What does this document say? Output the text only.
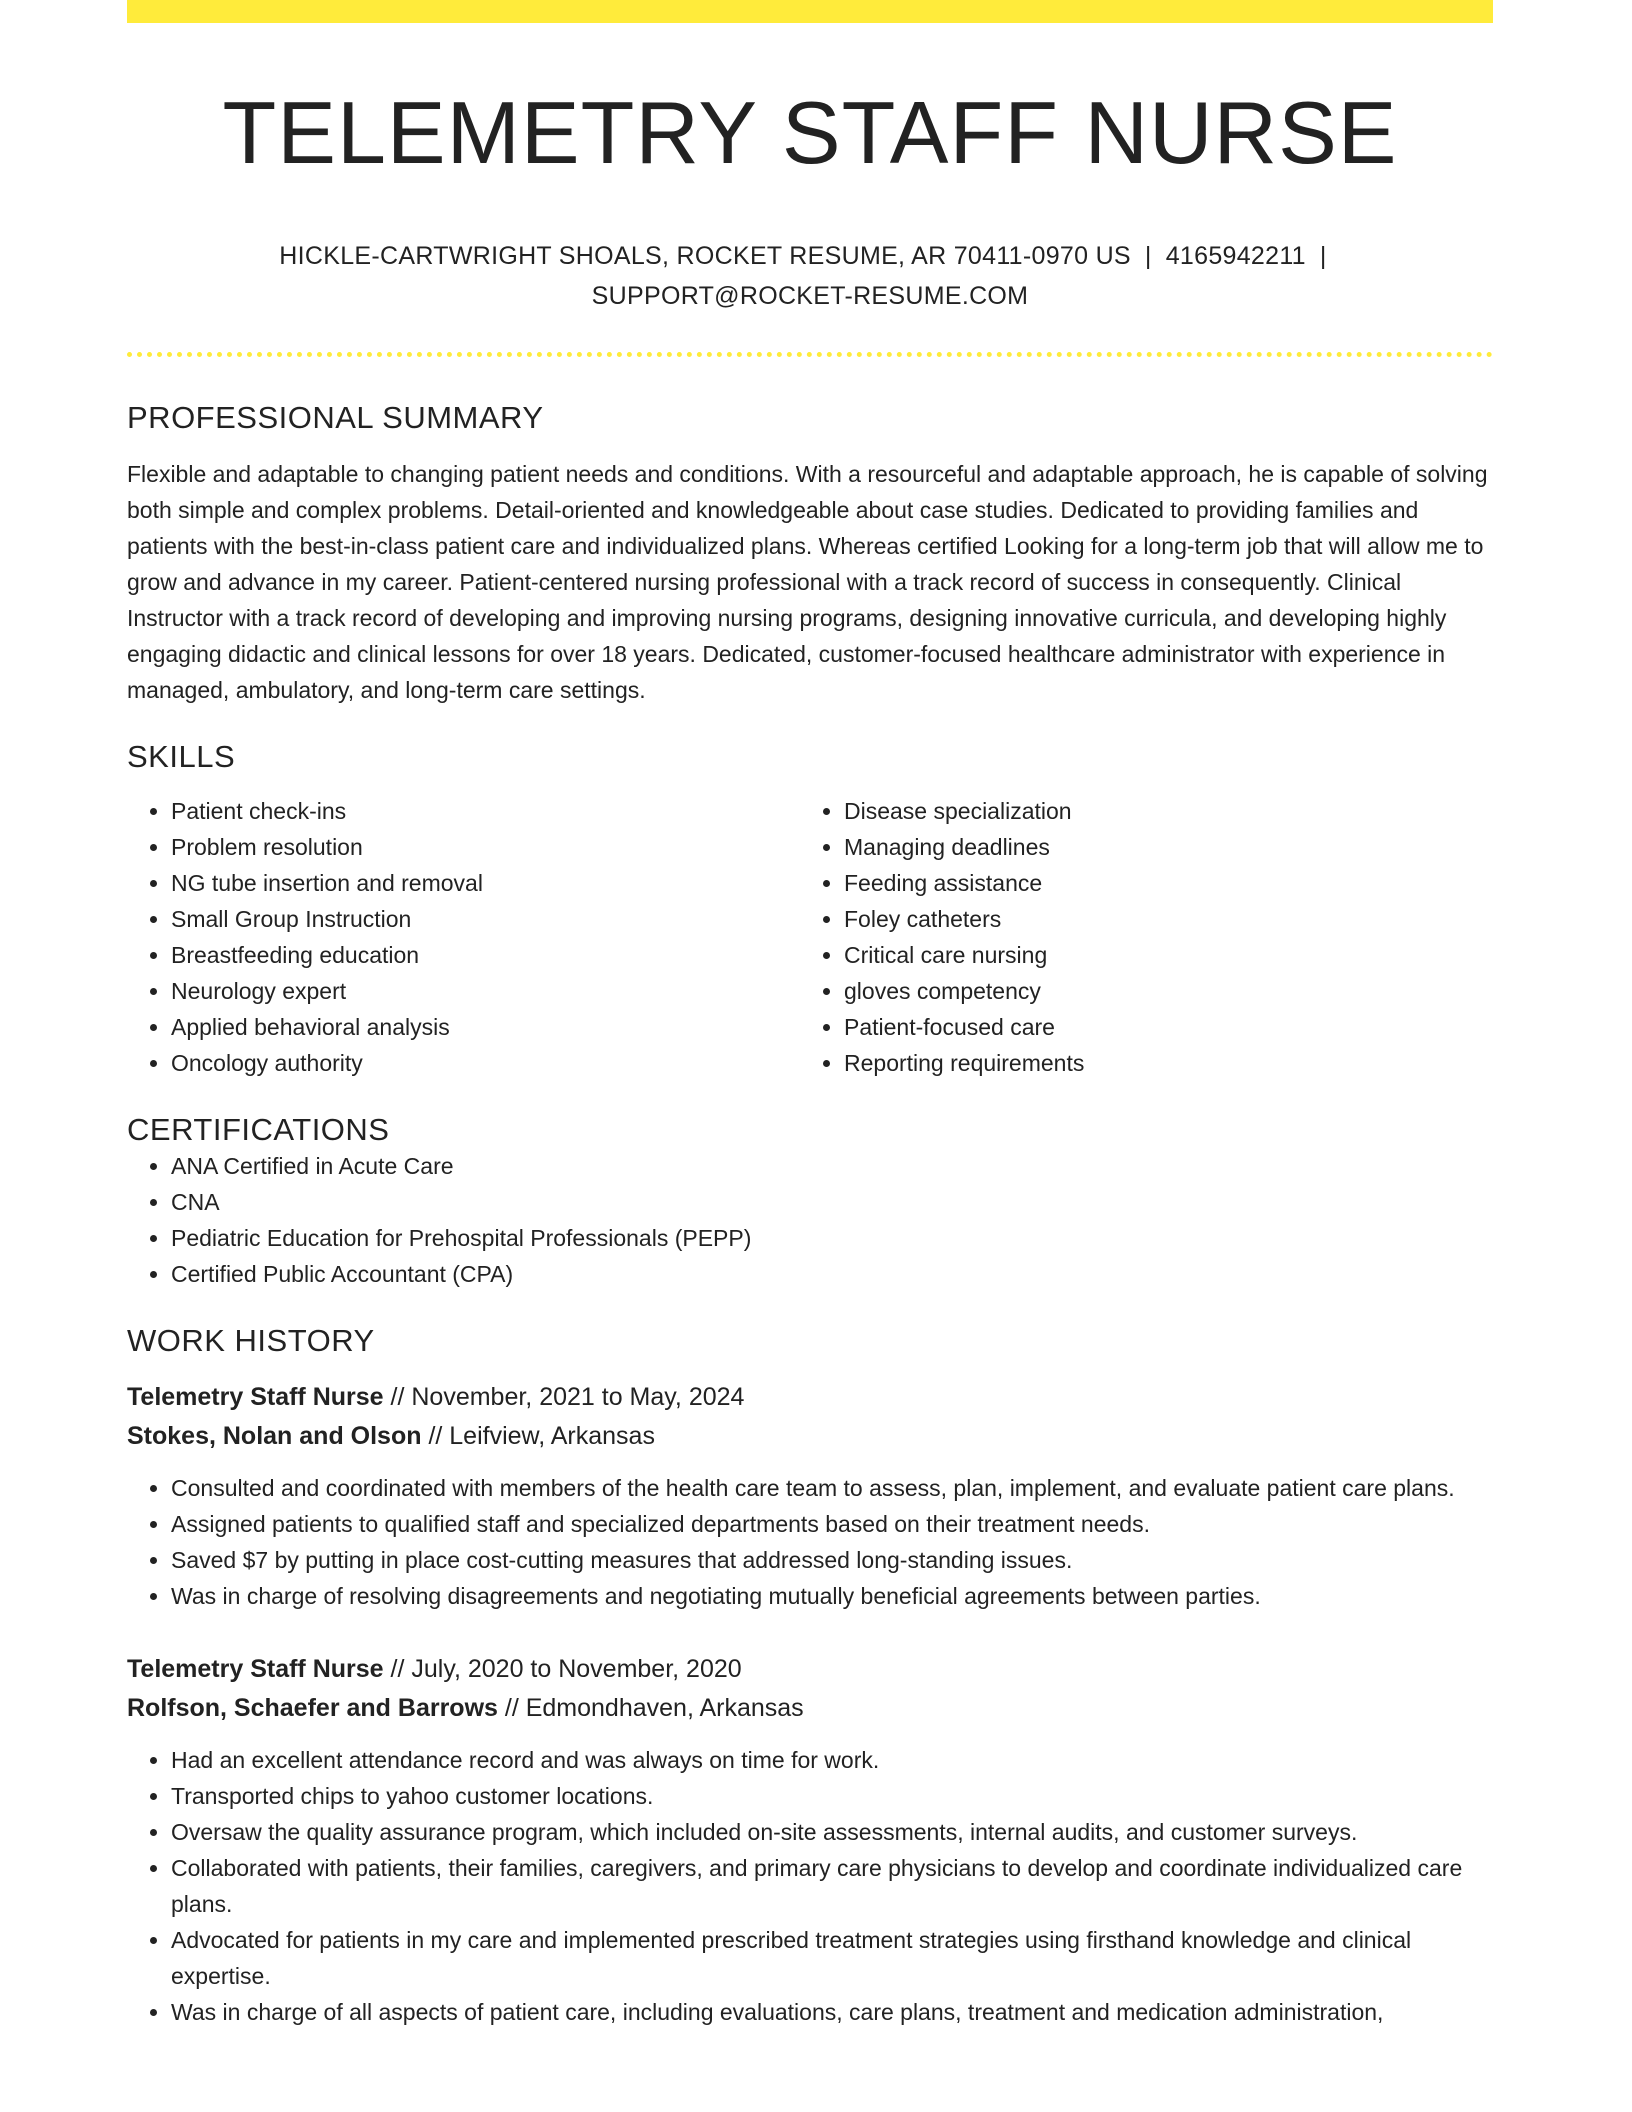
TELEMETRY STAFF NURSE
HICKLE-CARTWRIGHT SHOALS, ROCKET RESUME, AR 70411-0970 US | 4165942211 |
SUPPORT@ROCKET-RESUME.COM
PROFESSIONAL SUMMARY

Flexible and adaptable to changing patient needs and conditions. With a resourceful and adaptable approach, he is capable of solving both simple and complex problems. Detail-oriented and knowledgeable about case studies. Dedicated to providing families and patients with the best-in-class patient care and individualized plans. Whereas certified Looking for a long-term job that will allow me to grow and advance in my career. Patient-centered nursing professional with a track record of success in consequently. Clinical Instructor with a track record of developing and improving nursing programs, designing innovative curricula, and developing highly engaging didactic and clinical lessons for over 18 years. Dedicated, customer-focused healthcare administrator with experience in managed, ambulatory, and long-term care settings.

SKILLS
• Patient check-ins
• Problem resolution
• NG tube insertion and removal
• Small Group Instruction
• Breastfeeding education
• Neurology expert
• Applied behavioral analysis
• Oncology authority
• Disease specialization
• Managing deadlines
• Feeding assistance
• Foley catheters
• Critical care nursing
• gloves competency
• Patient-focused care
• Reporting requirements
CERTIFICATIONS
• ANA Certified in Acute Care
• CNA
• Pediatric Education for Prehospital Professionals (PEPP)
• Certified Public Accountant (CPA)
WORK HISTORY
Telemetry Staff Nurse // November, 2021 to May, 2024
Stokes, Nolan and Olson // Leifview, Arkansas
• Consulted and coordinated with members of the health care team to assess, plan, implement, and evaluate patient care plans.
• Assigned patients to qualified staff and specialized departments based on their treatment needs.
• Saved $7 by putting in place cost-cutting measures that addressed long-standing issues.
• Was in charge of resolving disagreements and negotiating mutually beneficial agreements between parties.
Telemetry Staff Nurse // July, 2020 to November, 2020
Rolfson, Schaefer and Barrows // Edmondhaven, Arkansas
• Had an excellent attendance record and was always on time for work.
• Transported chips to yahoo customer locations.
• Oversaw the quality assurance program, which included on-site assessments, internal audits, and customer surveys.
• Collaborated with patients, their families, caregivers, and primary care physicians to develop and coordinate individualized care plans.
• Advocated for patients in my care and implemented prescribed treatment strategies using firsthand knowledge and clinical expertise.
• Was in charge of all aspects of patient care, including evaluations, care plans, treatment and medication administration,
